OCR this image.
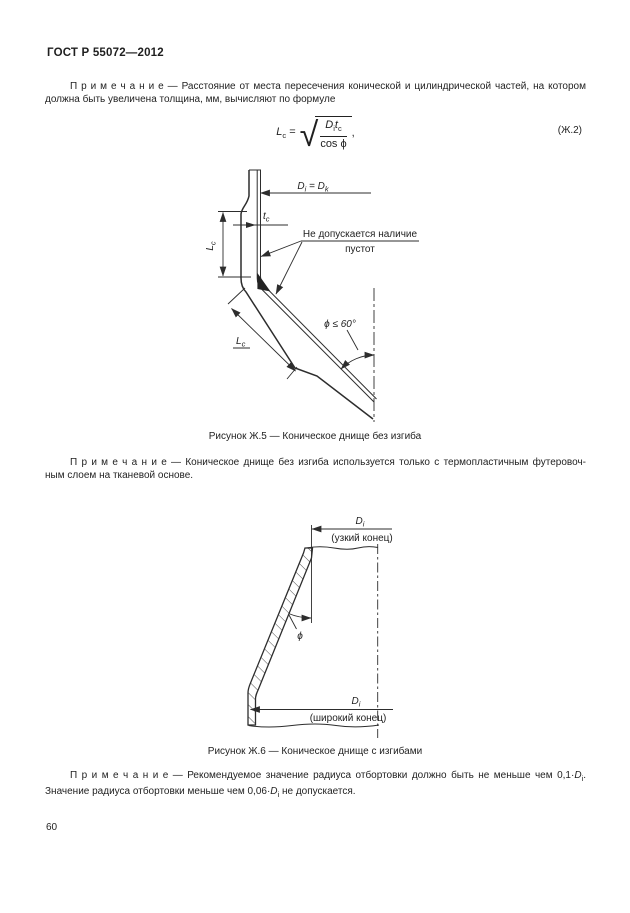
ГОСТ Р 55072—2012
П р и м е ч а н и е — Расстояние от места пересечения конической и цилиндрической частей, на котором
должна быть увеличена толщина, мм, вычисляют по формуле
$L_c$ = √
$\frac{D_it_c}{\text{cos ϕ}}$ ,	(Ж.2)
$D_i = D_k$
$t_c$
$L_c$
Не допускается наличие
пустот
$L_c$
ϕ ≤ 60°
Рисунок Ж.5 — Коническое днище без изгиба
П р и м е ч а н и е — Коническое днище без изгиба используется только с термопластичным футеровоч-
ным слоем на тканевой основе.
$D_i$
(узкий конец)
ϕ
$D_i$
(широкий конец)
Рисунок Ж.6 — Коническое днище с изгибами
П р и м е ч а н и е — Рекомендуемое значение радиуса отбортовки должно быть не меньше чем $0,1\cdot D_i$.
Значение радиуса отбортовки меньше чем $0,06\cdot D_i$ не допускается.
60
